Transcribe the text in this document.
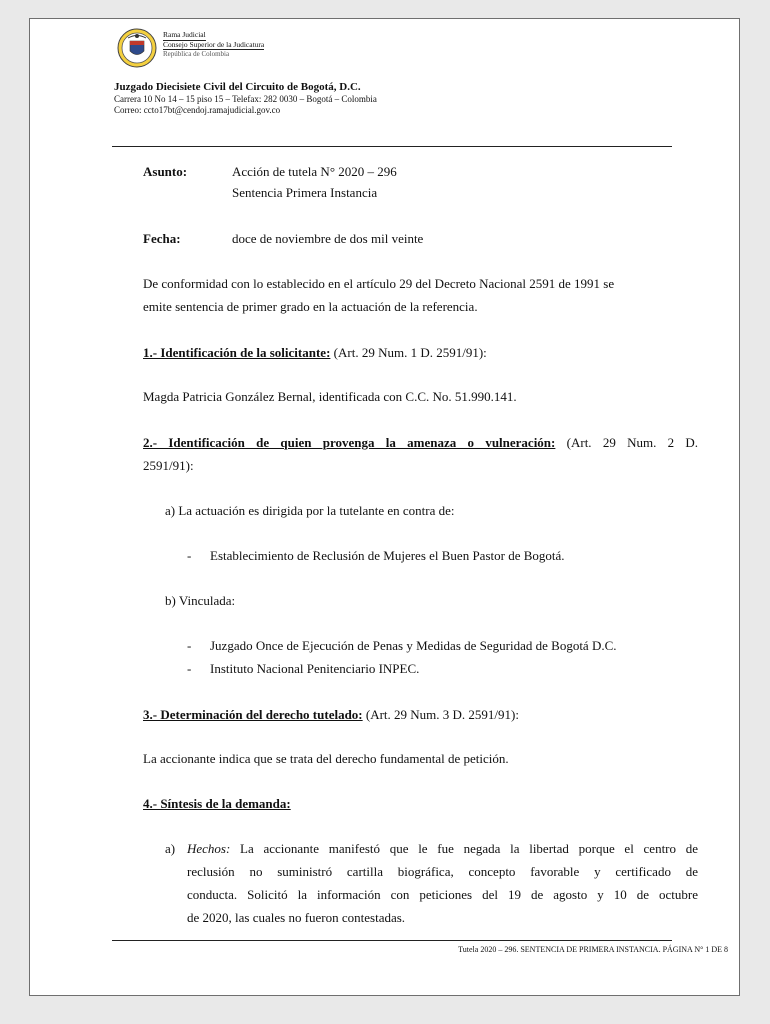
Rama Judicial
Consejo Superior de la Judicatura
República de Colombia
Juzgado Diecisiete Civil del Circuito de Bogotá, D.C.
Carrera 10 No 14 – 15 piso 15 – Telefax: 282 0030 – Bogotá – Colombia
Correo: ccto17bt@cendoj.ramajudicial.gov.co
Asunto:	Acción de tutela N° 2020 – 296
Sentencia Primera Instancia
Fecha:	doce de noviembre de dos mil veinte
De conformidad con lo establecido en el artículo 29 del Decreto Nacional 2591 de 1991 se
emite sentencia de primer grado en la actuación de la referencia.
1.- Identificación de la solicitante: (Art. 29 Num. 1 D. 2591/91):
Magda Patricia González Bernal, identificada con C.C. No. 51.990.141.
2.- Identificación de quien provenga la amenaza o vulneración: (Art. 29 Num. 2 D.
2591/91):
a) La actuación es dirigida por la tutelante en contra de:
- Establecimiento de Reclusión de Mujeres el Buen Pastor de Bogotá.
b) Vinculada:
- Juzgado Once de Ejecución de Penas y Medidas de Seguridad de Bogotá D.C.
- Instituto Nacional Penitenciario INPEC.
3.- Determinación del derecho tutelado: (Art. 29 Num. 3 D. 2591/91):
La accionante indica que se trata del derecho fundamental de petición.
4.- Síntesis de la demanda:
a) Hechos: La accionante manifestó que le fue negada la libertad porque el centro de
reclusión no suministró cartilla biográfica, concepto favorable y certificado de
conducta. Solicitó la información con peticiones del 19 de agosto y 10 de octubre
de 2020, las cuales no fueron contestadas.
Tutela 2020 – 296. SENTENCIA DE PRIMERA INSTANCIA. PÁGINA N° 1 DE 8
